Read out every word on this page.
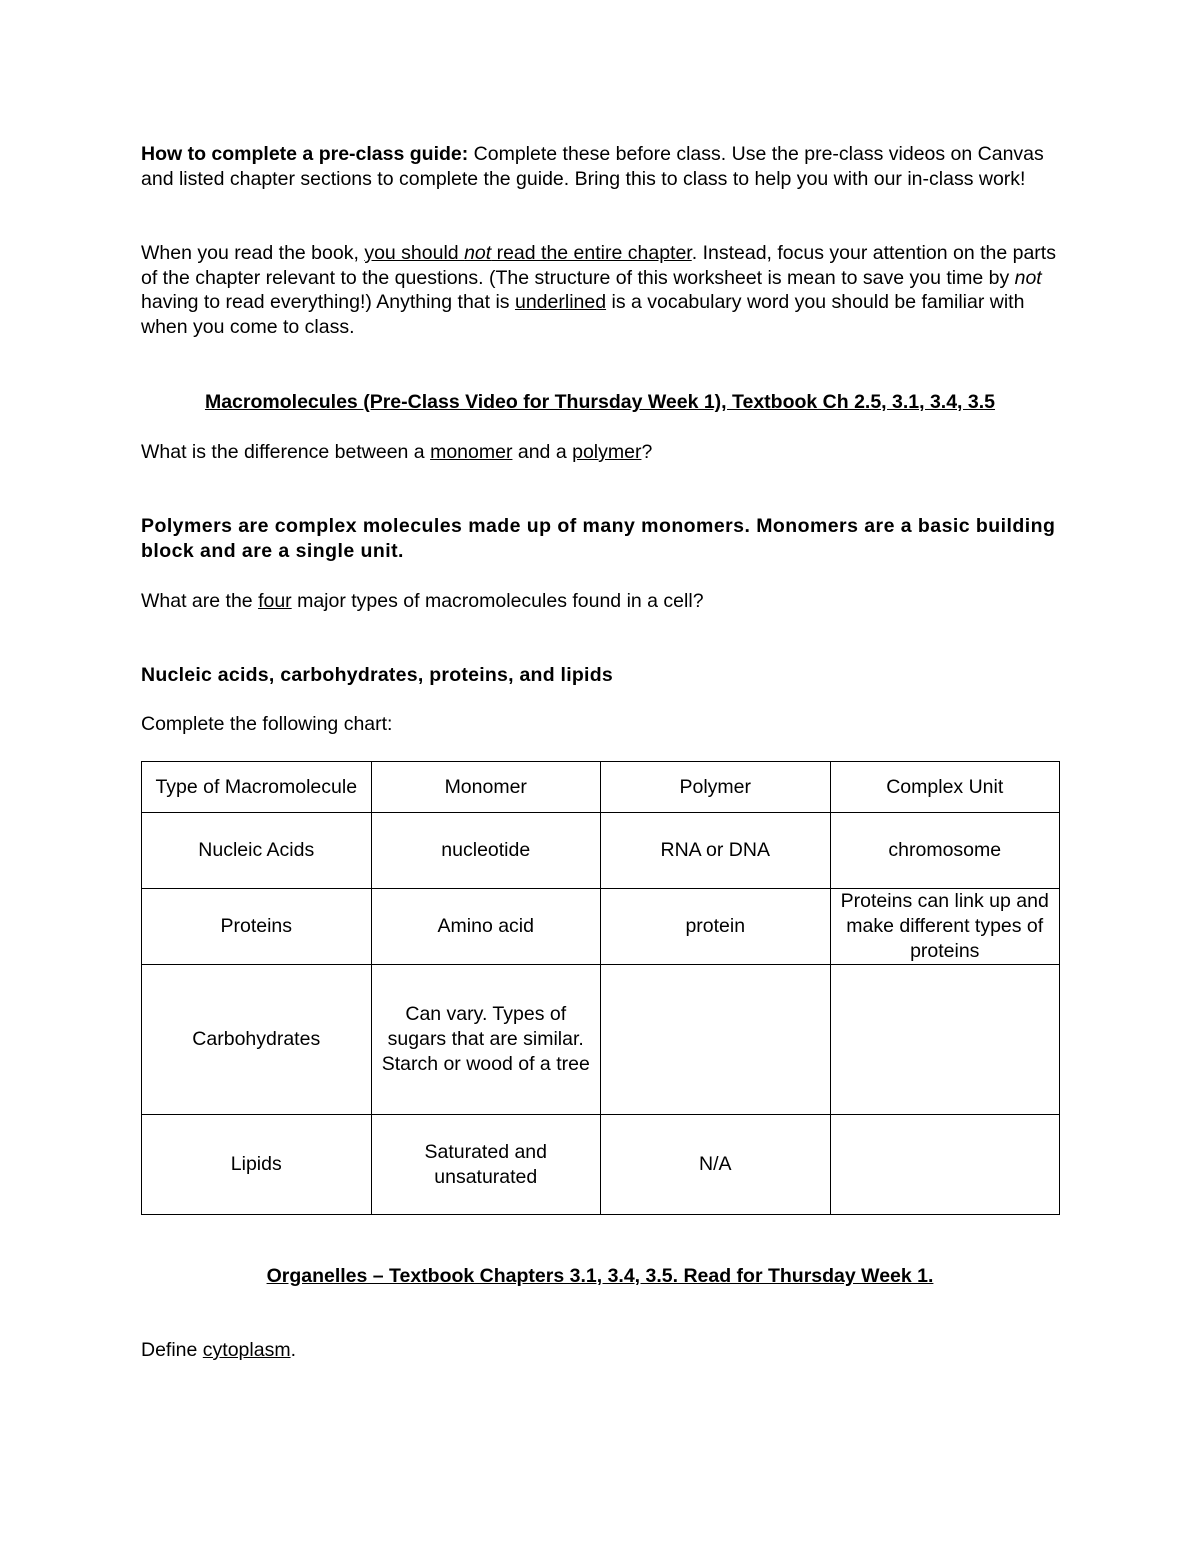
How to complete a pre-class guide: Complete these before class. Use the pre-class videos on Canvas and listed chapter sections to complete the guide. Bring this to class to help you with our in-class work!

When you read the book, you should not read the entire chapter. Instead, focus your attention on the parts of the chapter relevant to the questions. (The structure of this worksheet is mean to save you time by not having to read everything!) Anything that is underlined is a vocabulary word you should be familiar with when you come to class.

Macromolecules (Pre-Class Video for Thursday Week 1), Textbook Ch 2.5, 3.1, 3.4, 3.5

What is the difference between a monomer and a polymer?

Polymers are complex molecules made up of many monomers. Monomers are a basic building block and are a single unit.

What are the four major types of macromolecules found in a cell?

Nucleic acids, carbohydrates, proteins, and lipids

Complete the following chart:

Type of Macromolecule	Monomer	Polymer	Complex Unit
Nucleic Acids	nucleotide	RNA or DNA	chromosome
Proteins	Amino acid	protein	Proteins can link up and make different types of proteins
Carbohydrates	Can vary. Types of sugars that are similar. Starch or wood of a tree		
Lipids	Saturated and unsaturated	N/A	

Organelles – Textbook Chapters 3.1, 3.4, 3.5. Read for Thursday Week 1.

Define cytoplasm.
